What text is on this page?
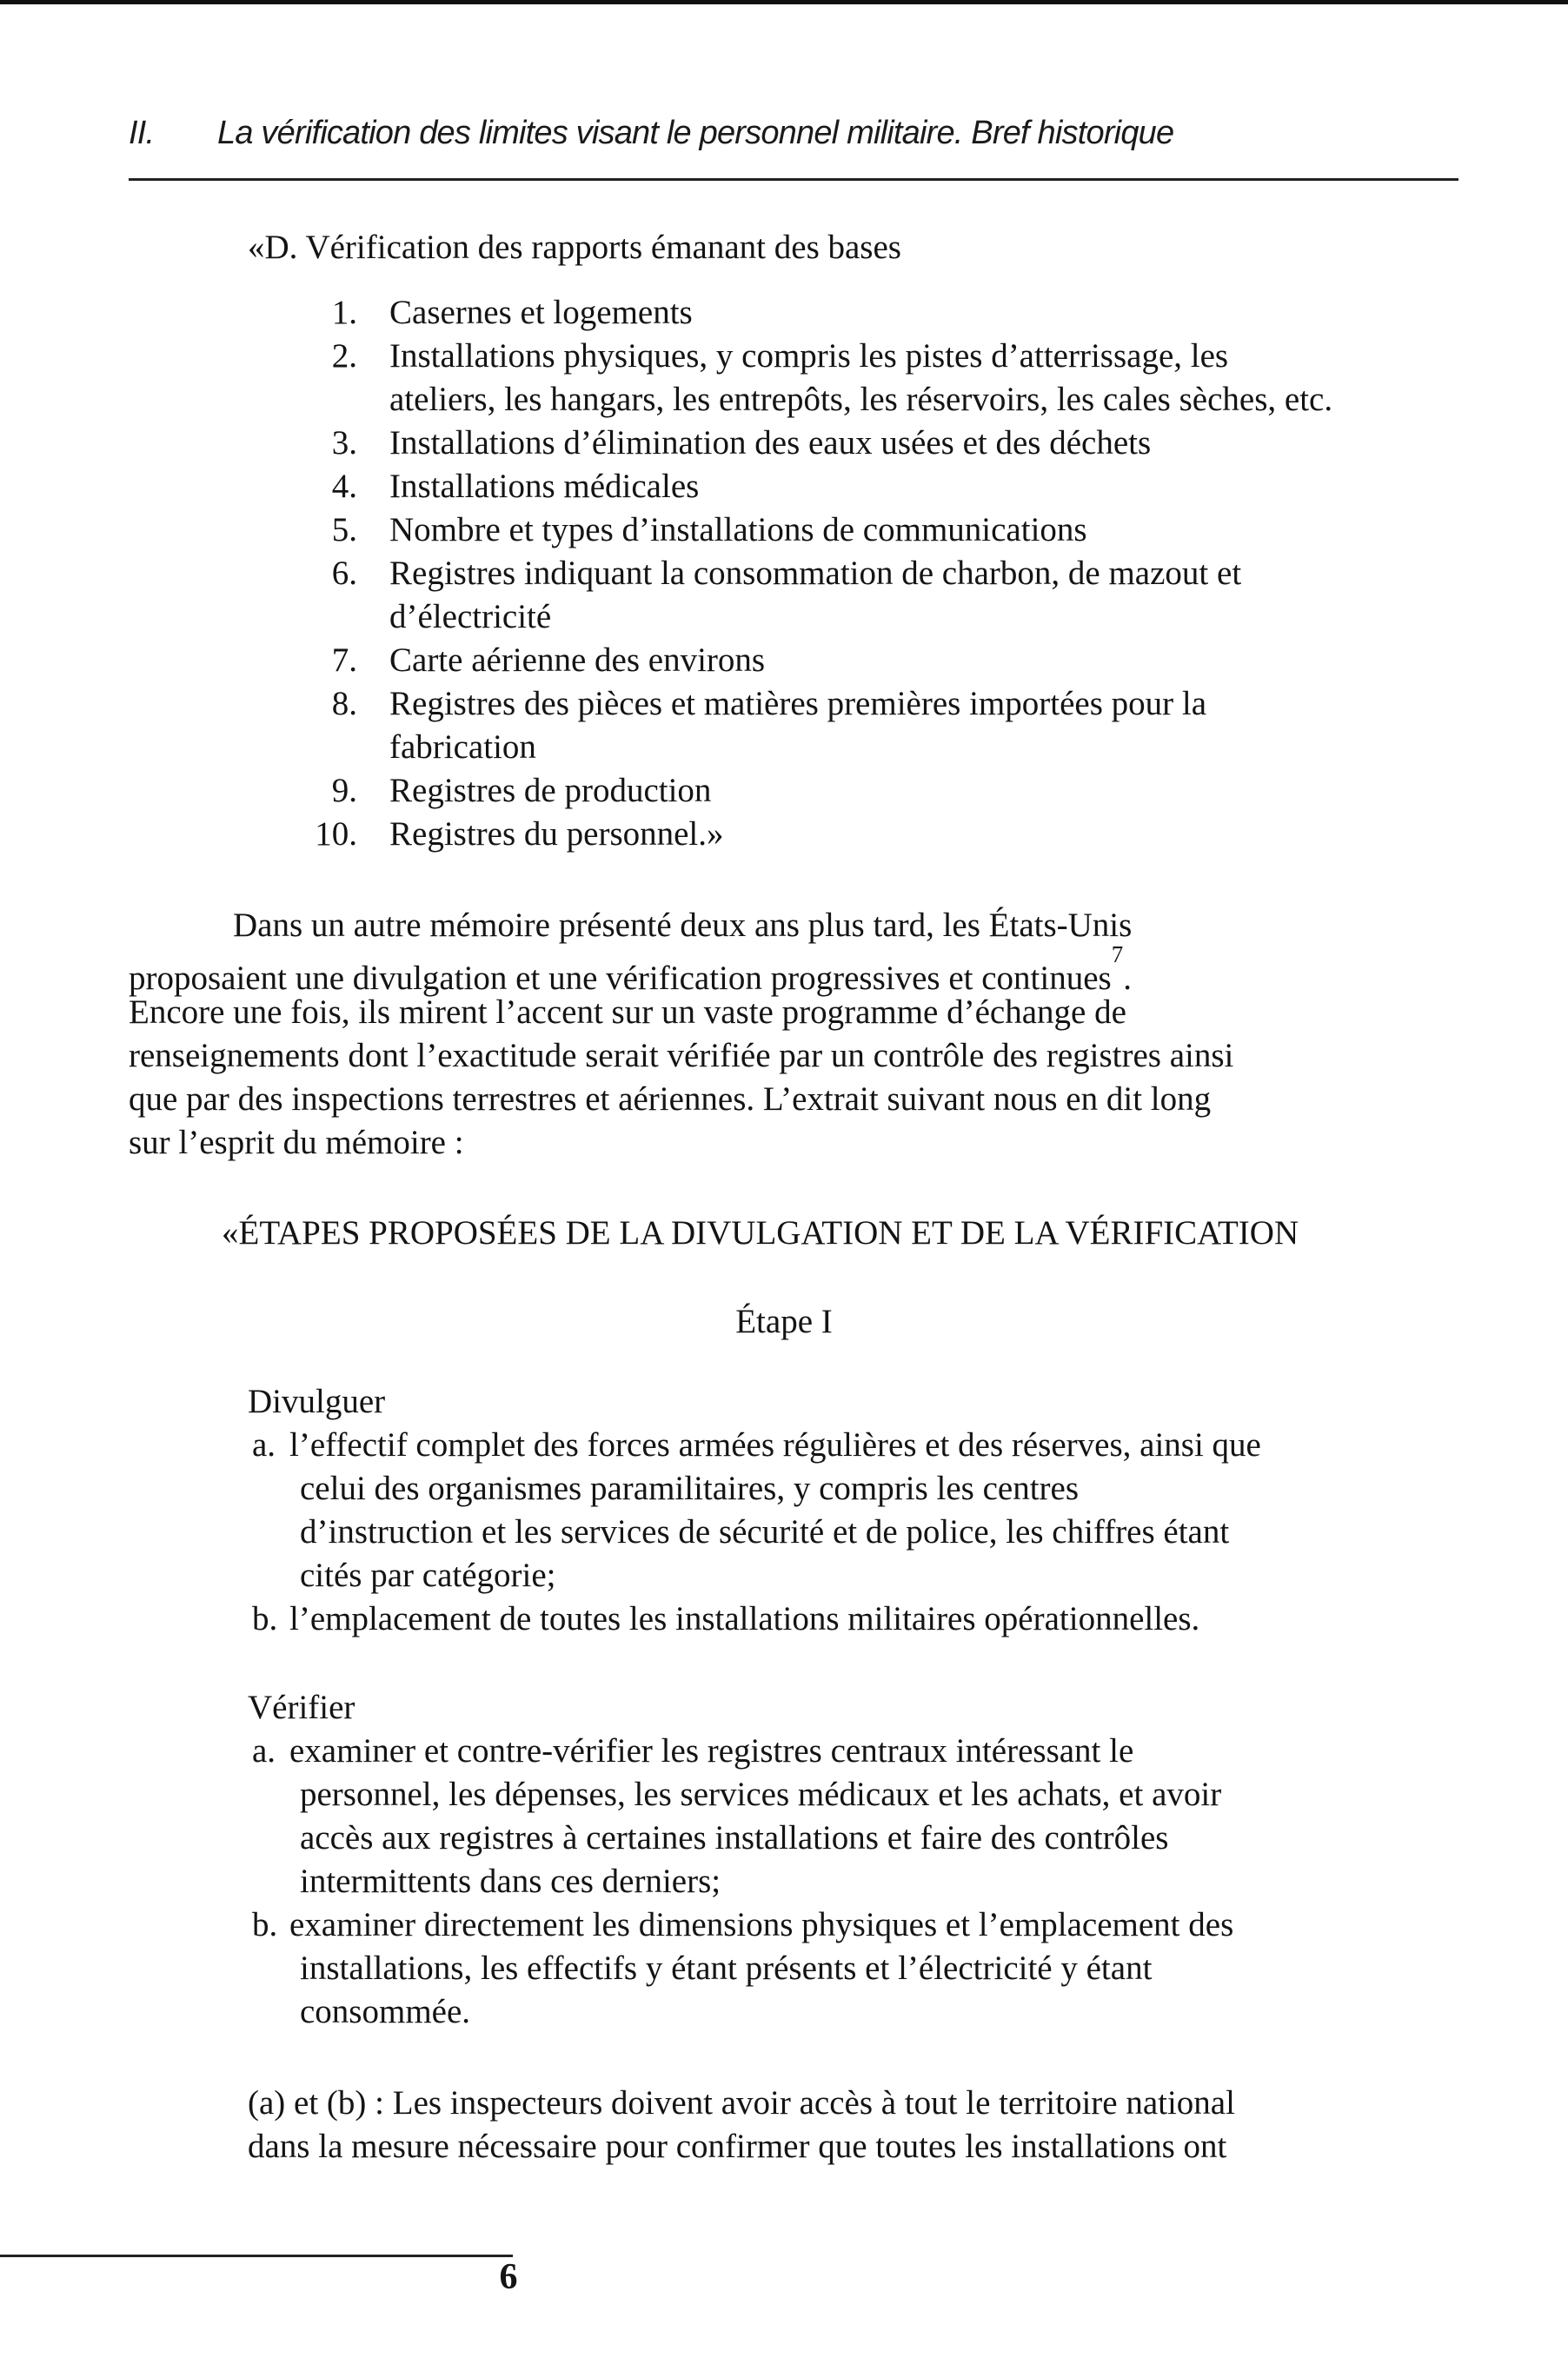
II. La vérification des limites visant le personnel militaire. Bref historique
«D. Vérification des rapports émanant des bases
1. Casernes et logements
2. Installations physiques, y compris les pistes d’atterrissage, les
ateliers, les hangars, les entrepôts, les réservoirs, les cales sèches, etc.
3. Installations d’élimination des eaux usées et des déchets
4. Installations médicales
5. Nombre et types d’installations de communications
6. Registres indiquant la consommation de charbon, de mazout et
d’électricité
7. Carte aérienne des environs
8. Registres des pièces et matières premières importées pour la
fabrication
9. Registres de production
10. Registres du personnel.»
Dans un autre mémoire présenté deux ans plus tard, les États-Unis
proposaient une divulgation et une vérification progressives et continues$^7$.
Encore une fois, ils mirent l’accent sur un vaste programme d’échange de
renseignements dont l’exactitude serait vérifiée par un contrôle des registres ainsi
que par des inspections terrestres et aériennes. L’extrait suivant nous en dit long
sur l’esprit du mémoire :
«ÉTAPES PROPOSÉES DE LA DIVULGATION ET DE LA VÉRIFICATION
Étape I
Divulguer
a. l’effectif complet des forces armées régulières et des réserves, ainsi que
celui des organismes paramilitaires, y compris les centres
d’instruction et les services de sécurité et de police, les chiffres étant
cités par catégorie;
b. l’emplacement de toutes les installations militaires opérationnelles.
Vérifier
a. examiner et contre-vérifier les registres centraux intéressant le
personnel, les dépenses, les services médicaux et les achats, et avoir
accès aux registres à certaines installations et faire des contrôles
intermittents dans ces derniers;
b. examiner directement les dimensions physiques et l’emplacement des
installations, les effectifs y étant présents et l’électricité y étant
consommée.
(a) et (b) : Les inspecteurs doivent avoir accès à tout le territoire national
dans la mesure nécessaire pour confirmer que toutes les installations ont
6
